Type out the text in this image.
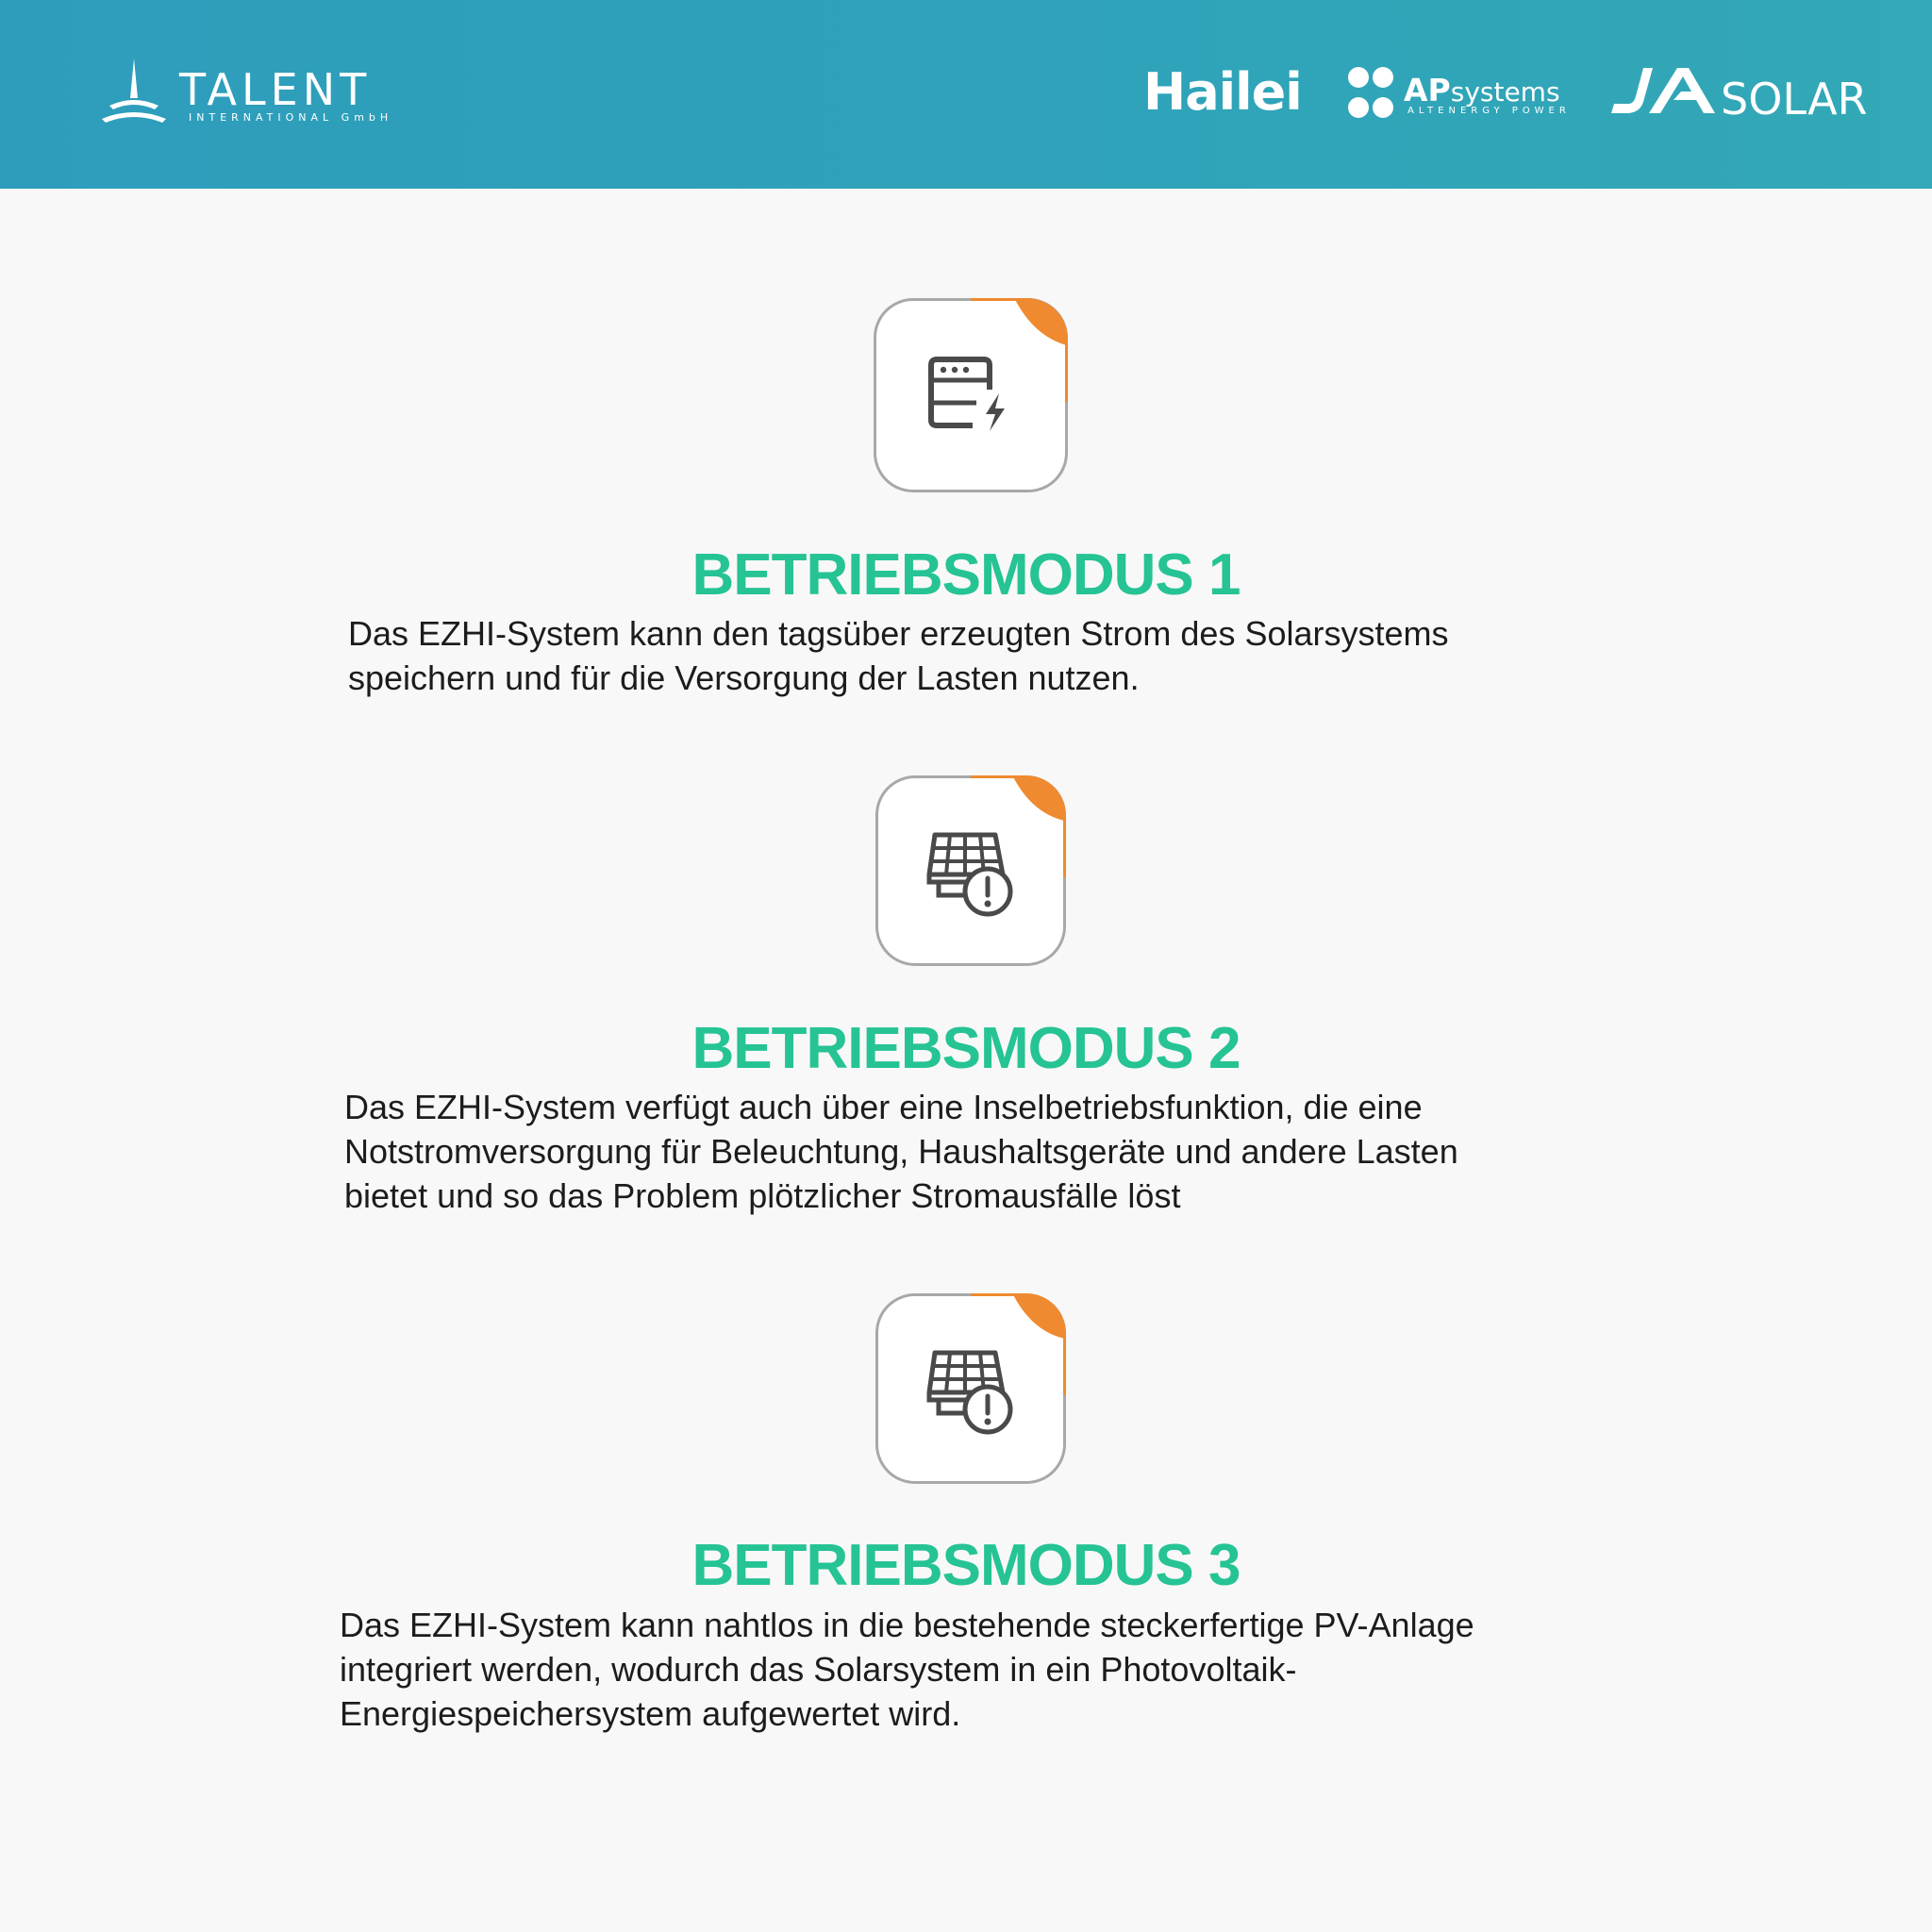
TALENT
INTERNATIONAL GmbH	Hailei	APsystems
ALTENERGY POWER	SOLAR
BETRIEBSMODUS 1
Das EZHI-System kann den tagsüber erzeugten Strom des Solarsystems
speichern und für die Versorgung der Lasten nutzen.
BETRIEBSMODUS 2
Das EZHI-System verfügt auch über eine Inselbetriebsfunktion, die eine
Notstromversorgung für Beleuchtung, Haushaltsgeräte und andere Lasten
bietet und so das Problem plötzlicher Stromausfälle löst
BETRIEBSMODUS 3
Das EZHI-System kann nahtlos in die bestehende steckerfertige PV-Anlage
integriert werden, wodurch das Solarsystem in ein Photovoltaik-
Energiespeichersystem aufgewertet wird.
